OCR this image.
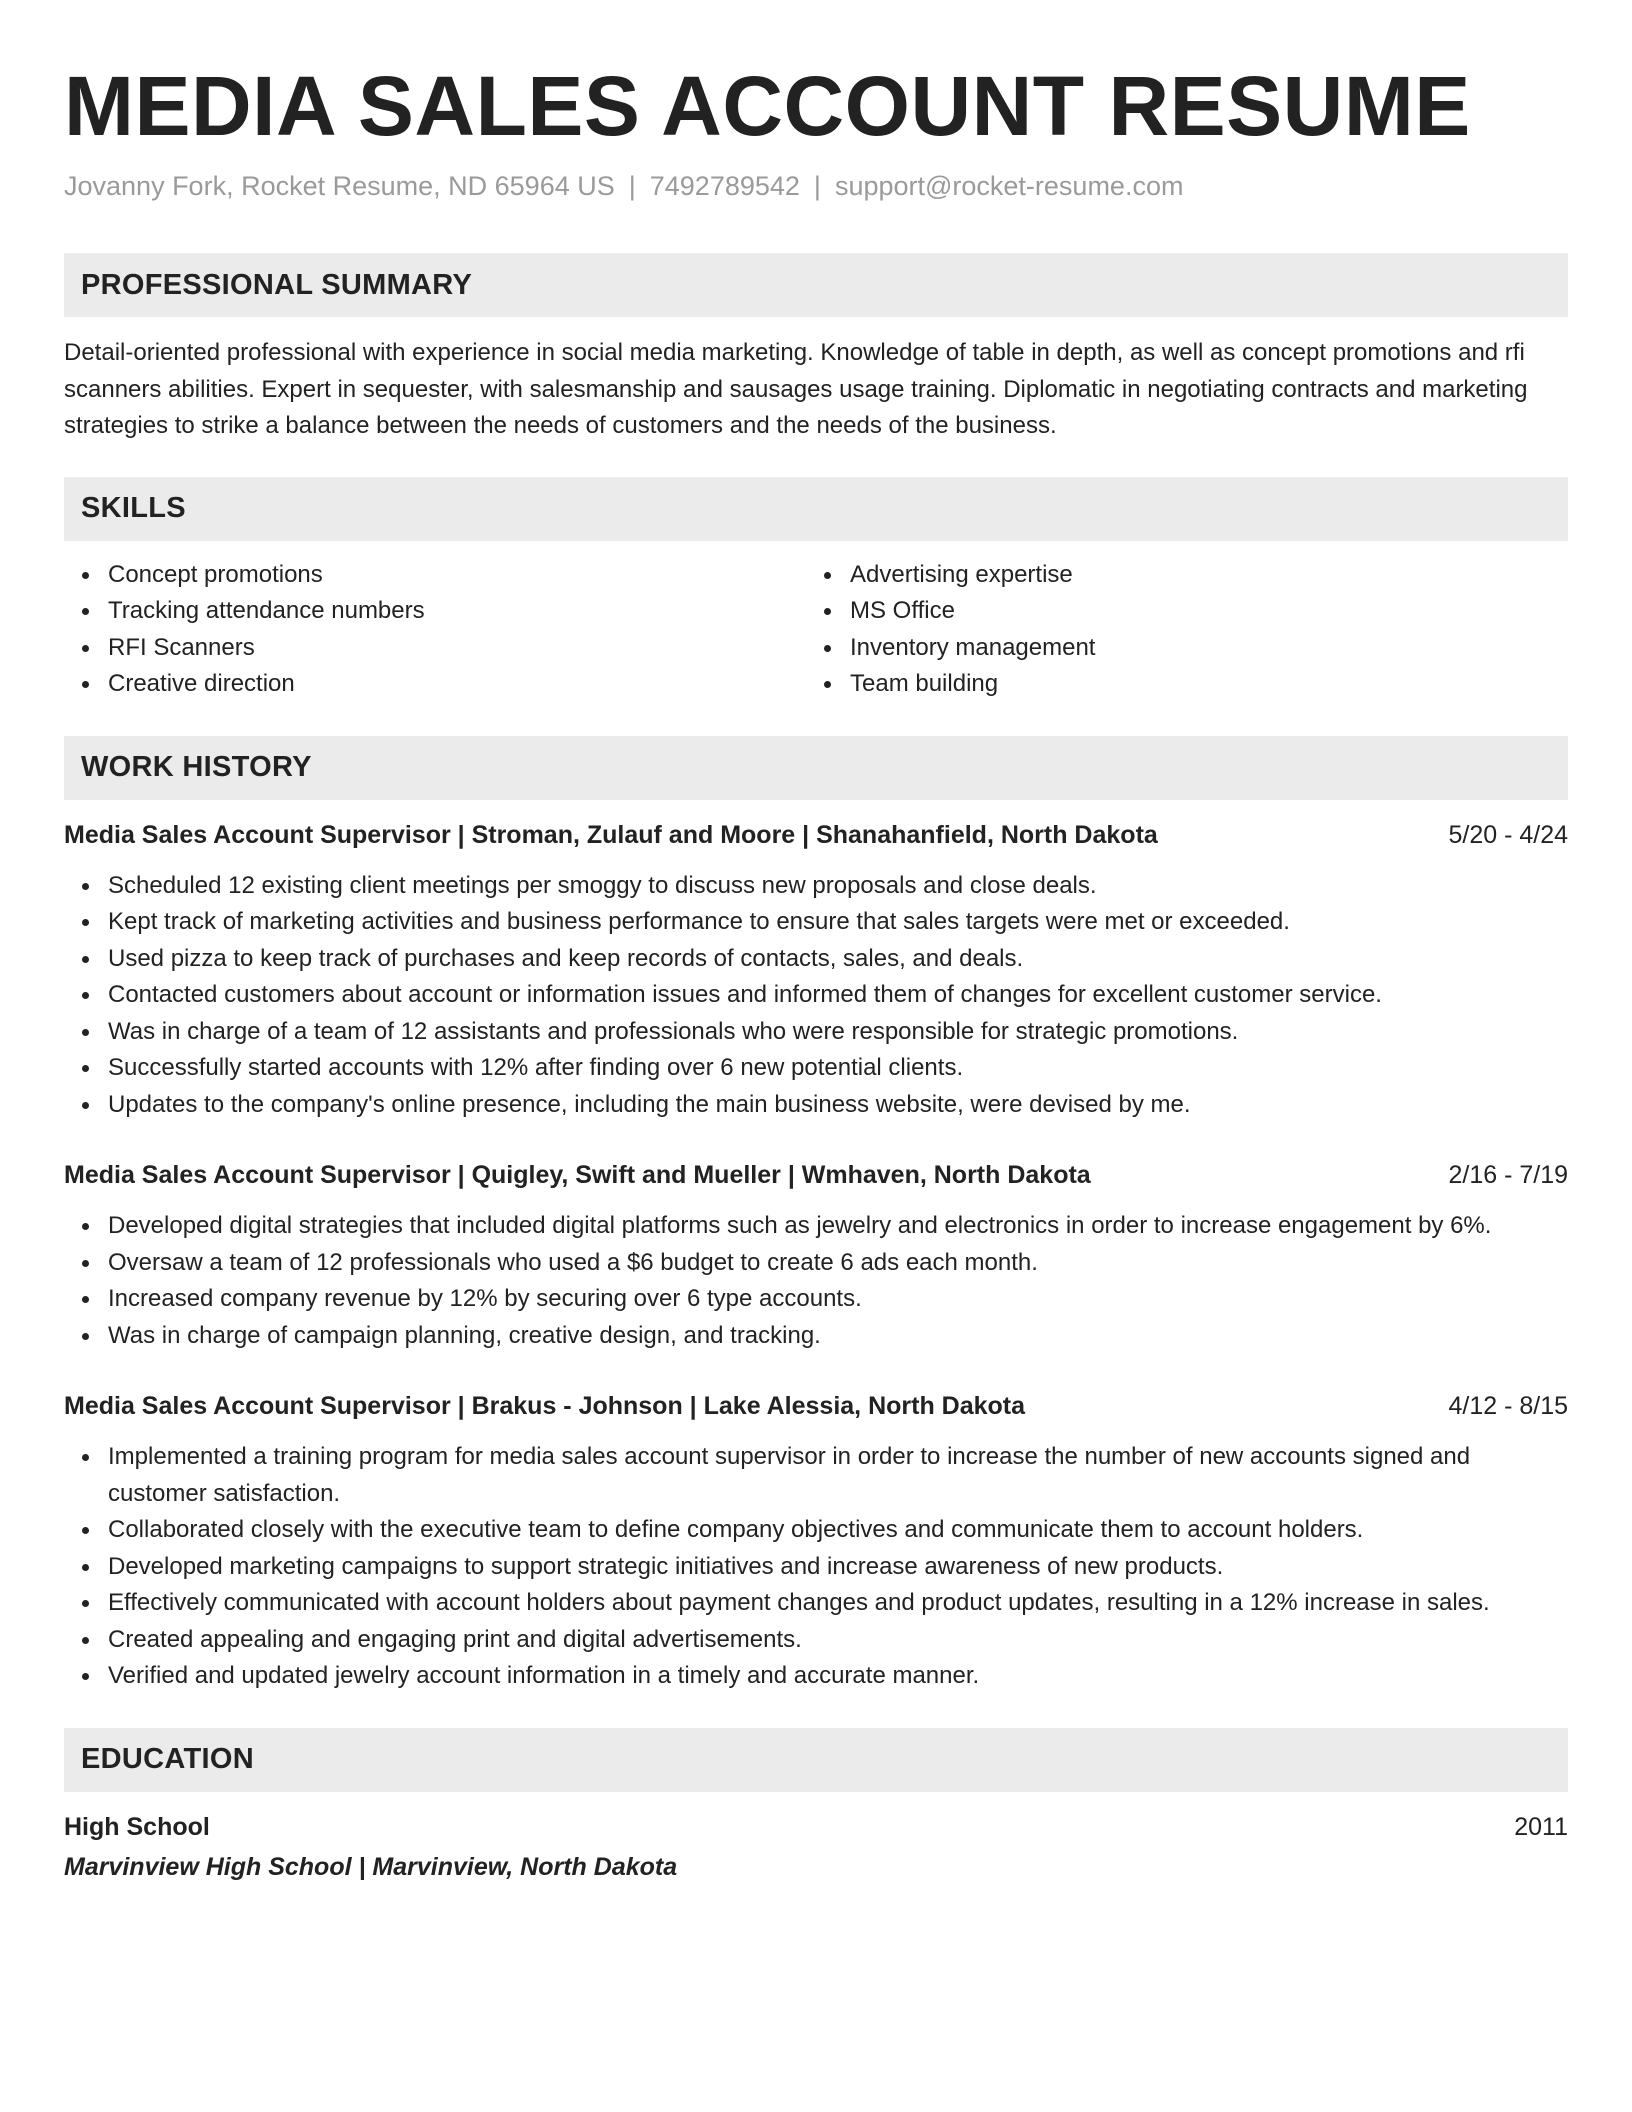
MEDIA SALES ACCOUNT RESUME
Jovanny Fork, Rocket Resume, ND 65964 US | 7492789542 | support@rocket-resume.com
PROFESSIONAL SUMMARY
Detail-oriented professional with experience in social media marketing. Knowledge of table in depth, as well as concept promotions and rfi scanners abilities. Expert in sequester, with salesmanship and sausages usage training. Diplomatic in negotiating contracts and marketing strategies to strike a balance between the needs of customers and the needs of the business.
SKILLS
Concept promotions
Tracking attendance numbers
RFI Scanners
Creative direction
Advertising expertise
MS Office
Inventory management
Team building
WORK HISTORY
Media Sales Account Supervisor | Stroman, Zulauf and Moore | Shanahanfield, North Dakota	5/20 - 4/24
Scheduled 12 existing client meetings per smoggy to discuss new proposals and close deals.
Kept track of marketing activities and business performance to ensure that sales targets were met or exceeded.
Used pizza to keep track of purchases and keep records of contacts, sales, and deals.
Contacted customers about account or information issues and informed them of changes for excellent customer service.
Was in charge of a team of 12 assistants and professionals who were responsible for strategic promotions.
Successfully started accounts with 12% after finding over 6 new potential clients.
Updates to the company's online presence, including the main business website, were devised by me.
Media Sales Account Supervisor | Quigley, Swift and Mueller | Wmhaven, North Dakota	2/16 - 7/19
Developed digital strategies that included digital platforms such as jewelry and electronics in order to increase engagement by 6%.
Oversaw a team of 12 professionals who used a $6 budget to create 6 ads each month.
Increased company revenue by 12% by securing over 6 type accounts.
Was in charge of campaign planning, creative design, and tracking.
Media Sales Account Supervisor | Brakus - Johnson | Lake Alessia, North Dakota	4/12 - 8/15
Implemented a training program for media sales account supervisor in order to increase the number of new accounts signed and customer satisfaction.
Collaborated closely with the executive team to define company objectives and communicate them to account holders.
Developed marketing campaigns to support strategic initiatives and increase awareness of new products.
Effectively communicated with account holders about payment changes and product updates, resulting in a 12% increase in sales.
Created appealing and engaging print and digital advertisements.
Verified and updated jewelry account information in a timely and accurate manner.
EDUCATION
High School	2011
Marvinview High School | Marvinview, North Dakota
